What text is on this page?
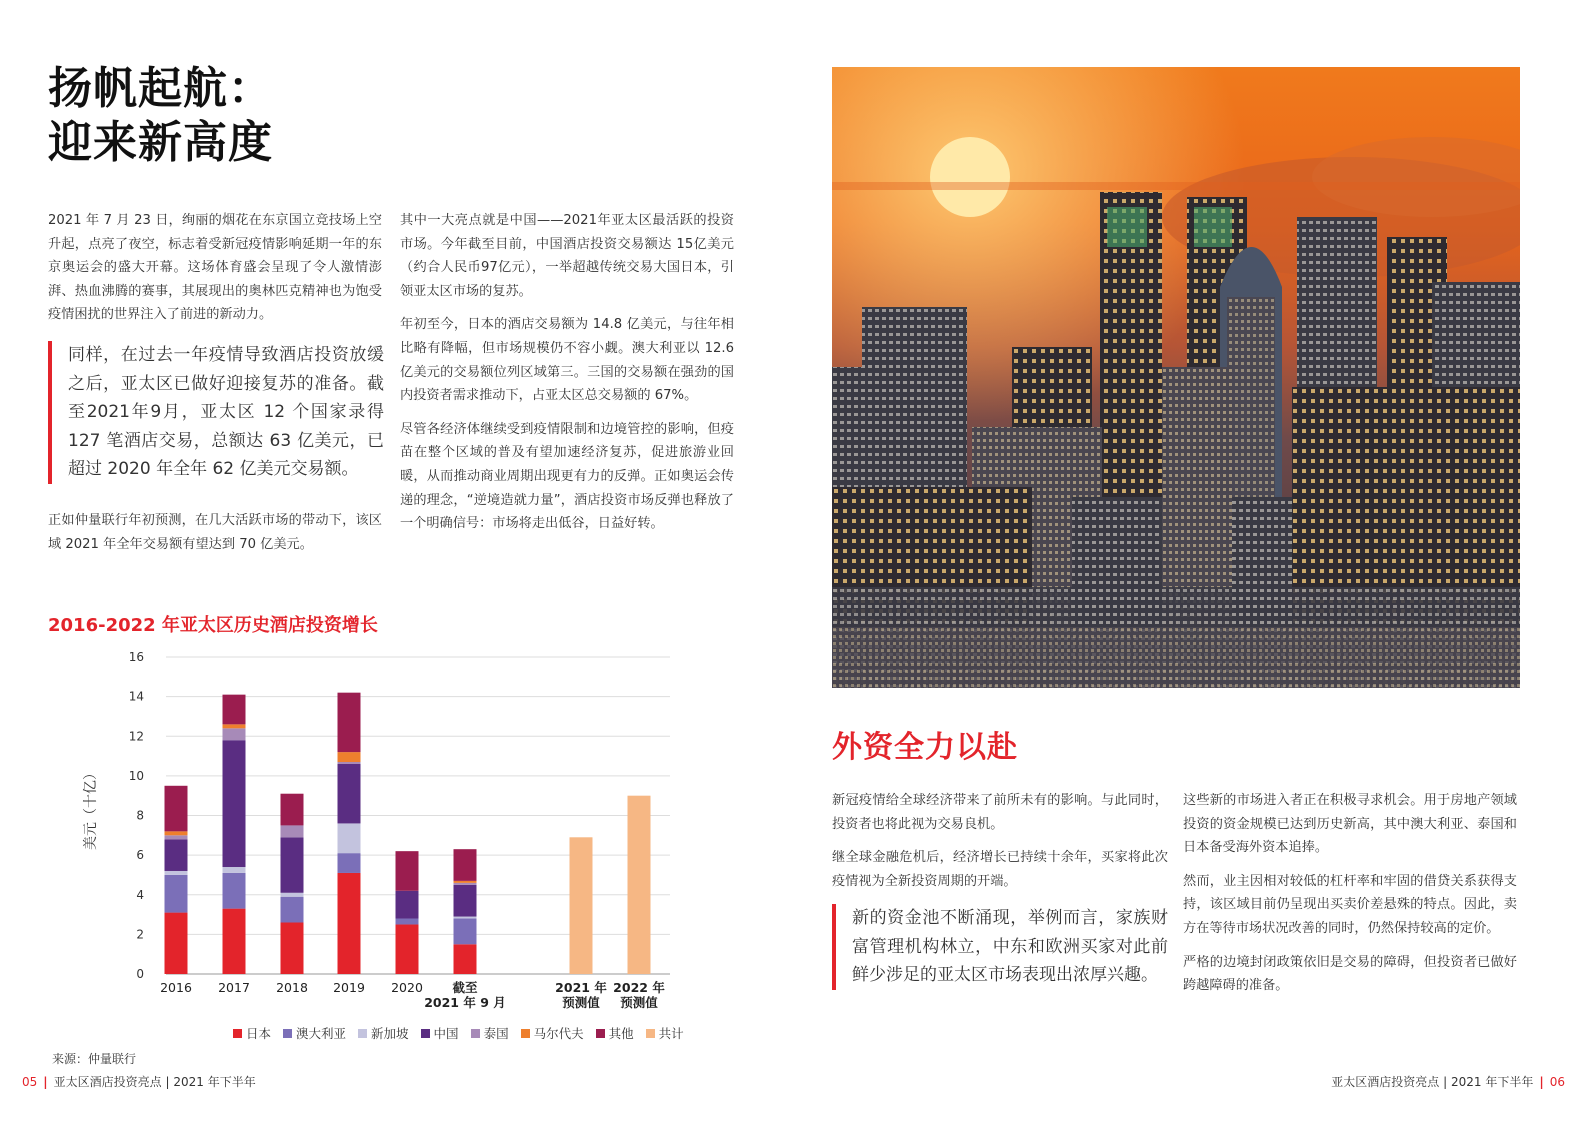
扬帆起航：
迎来新高度

2021 年 7 月 23 日，绚丽的烟花在东京国立竞技场上空升起，点亮了夜空，标志着受新冠疫情影响延期一年的东京奥运会的盛大开幕。这场体育盛会呈现了令人激情澎湃、热血沸腾的赛事，其展现出的奥林匹克精神也为饱受疫情困扰的世界注入了前进的新动力。

同样，在过去一年疫情导致酒店投资放缓之后，亚太区已做好迎接复苏的准备。截至2021年9月，亚太区 12 个国家录得127 笔酒店交易，总额达 63 亿美元，已超过 2020 年全年 62 亿美元交易额。

正如仲量联行年初预测，在几大活跃市场的带动下，该区域 2021 年全年交易额有望达到 70 亿美元。

其中一大亮点就是中国——2021年亚太区最活跃的投资市场。今年截至目前，中国酒店投资交易额达 15亿美元（约合人民币97亿元），一举超越传统交易大国日本，引领亚太区市场的复苏。

年初至今，日本的酒店交易额为 14.8 亿美元，与往年相比略有降幅，但市场规模仍不容小觑。澳大利亚以 12.6 亿美元的交易额位列区域第三。三国的交易额在强劲的国内投资者需求推动下，占亚太区总交易额的 67%。

尽管各经济体继续受到疫情限制和边境管控的影响，但疫苗在整个区域的普及有望加速经济复苏，促进旅游业回暖，从而推动商业周期出现更有力的反弹。正如奥运会传递的理念，“逆境造就力量”，酒店投资市场反弹也释放了一个明确信号：市场将走出低谷，日益好转。

2016-2022 年亚太区历史酒店投资增长
美元（十亿）
0
2
4
6
8
10
12
14
16
2016 2017 2018 2019 2020 截至
2021 年 9 月
2021 年
预测值
2022 年
预测值
日本 澳大利亚 新加坡 中国 泰国 马尔代夫 其他 共计
来源：仲量联行
05 | 亚太区酒店投资亮点 | 2021 年下半年
外资全力以赴

新冠疫情给全球经济带来了前所未有的影响。与此同时，投资者也将此视为交易良机。

继全球金融危机后，经济增长已持续十余年，买家将此次疫情视为全新投资周期的开端。

新的资金池不断涌现，举例而言，家族财富管理机构林立，中东和欧洲买家对此前鲜少涉足的亚太区市场表现出浓厚兴趣。

这些新的市场进入者正在积极寻求机会。用于房地产领域投资的资金规模已达到历史新高，其中澳大利亚、泰国和日本备受海外资本追捧。

然而，业主因相对较低的杠杆率和牢固的借贷关系获得支持，该区域目前仍呈现出买卖价差悬殊的特点。因此，卖方在等待市场状况改善的同时，仍然保持较高的定价。

严格的边境封闭政策依旧是交易的障碍，但投资者已做好跨越障碍的准备。

亚太区酒店投资亮点 | 2021 年下半年 | 06
